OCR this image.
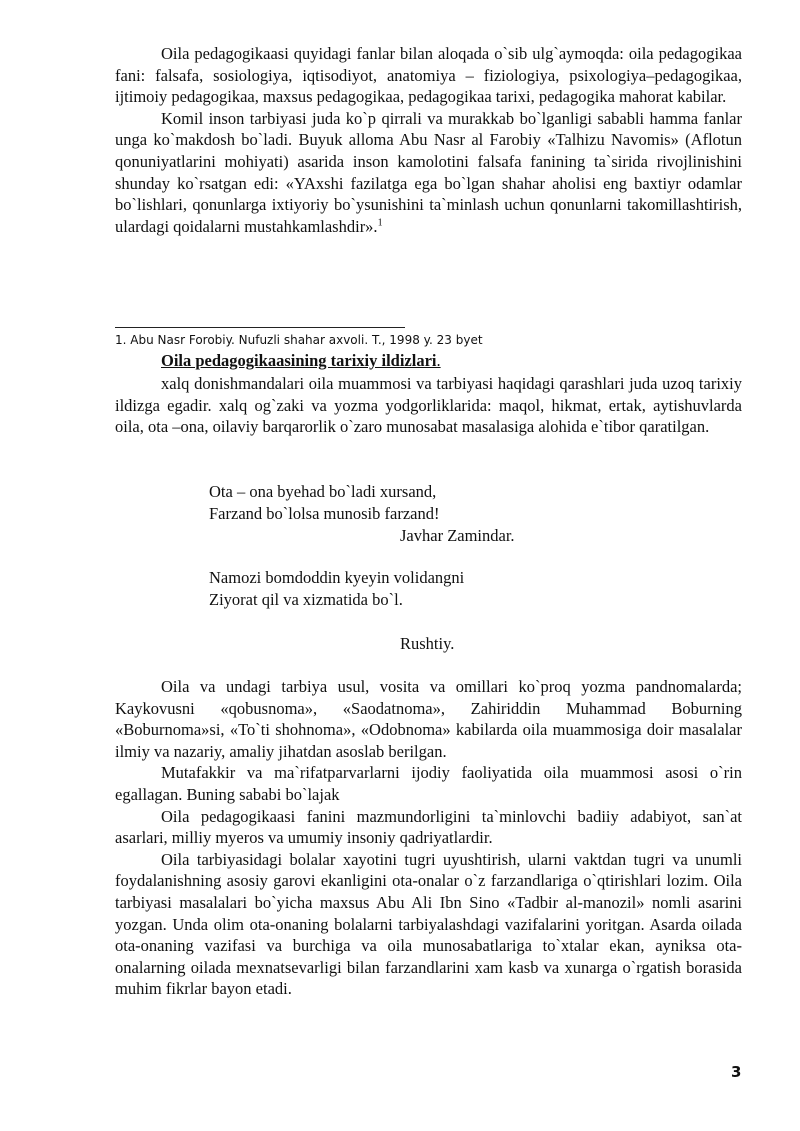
Oila pedagogikaasi quyidagi fanlar bilan aloqada o`sib ulg`aymoqda: oila pedagogikaa fani: falsafa, sosiologiya, iqtisodiyot, anatomiya – fiziologiya, psixologiya–pedagogikaa, ijtimoiy pedagogikaa, maxsus pedagogikaa, pedagogikaa tarixi, pedagogika mahorat kabilar.

Komil inson tarbiyasi juda ko`p qirrali va murakkab bo`lganligi sababli hamma fanlar unga ko`makdosh bo`ladi. Buyuk alloma Abu Nasr al Farobiy «Talhizu Navomis» (Aflotun qonuniyatlarini mohiyati) asarida inson kamolotini falsafa fanining ta`sirida rivojlinishini shunday ko`rsatgan edi: «YAxshi fazilatga ega bo`lgan shahar aholisi eng baxtiyr odamlar bo`lishlari, qonunlarga ixtiyoriy bo`ysunishini ta`minlash uchun qonunlarni takomillashtirish, ulardagi qoidalarni mustahkamlashdir».$^1$

1. Abu Nasr Forobiy. Nufuzli shahar axvoli. T., 1998 y. 23 byet
Oila pedagogikaasining tarixiy ildizlari.

xalq donishmandalari oila muammosi va tarbiyasi haqidagi qarashlari juda uzoq tarixiy ildizga egadir. xalq og`zaki va yozma yodgorliklarida: maqol, hikmat, ertak, aytishuvlarda oila, ota –ona, oilaviy barqarorlik o`zaro munosabat masalasiga alohida e`tibor qaratilgan.

Ota – ona byehad bo`ladi xursand,
Farzand bo`lolsa munosib farzand!
Javhar Zamindar.
Namozi bomdoddin kyeyin volidangni
Ziyorat qil va xizmatida bo`l.
Rushtiy.

Oila va undagi tarbiya usul, vosita va omillari ko`proq yozma pandnomalarda; Kaykovusni «qobusnoma», «Saodatnoma», Zahiriddin Muhammad Boburning «Boburnoma»si, «To`ti shohnoma», «Odobnoma» kabilarda oila muammosiga doir masalalar ilmiy va nazariy, amaliy jihatdan asoslab berilgan.

Mutafakkir va ma`rifatparvarlarni ijodiy faoliyatida oila muammosi asosi o`rin egallagan. Buning sababi bo`lajak

Oila pedagogikaasi fanini mazmundorligini ta`minlovchi badiiy adabiyot, san`at asarlari, milliy myeros va umumiy insoniy qadriyatlardir.

Oila tarbiyasidagi bolalar xayotini tugri uyushtirish, ularni vaktdan tugri va unumli foydalanishning asosiy garovi ekanligini ota-onalar o`z farzandlariga o`qtirishlari lozim. Oila tarbiyasi masalalari bo`yicha maxsus Abu Ali Ibn Sino «Tadbir al-manozil» nomli asarini yozgan. Unda olim ota-onaning bolalarni tarbiyalashdagi vazifalarini yoritgan. Asarda oilada ota-onaning vazifasi va burchiga va oila munosabatlariga to`xtalar ekan, ayniksa ota-onalarning oilada mexnatsevarligi bilan farzandlarini xam kasb va xunarga o`rgatish borasida muhim fikrlar bayon etadi.

3
